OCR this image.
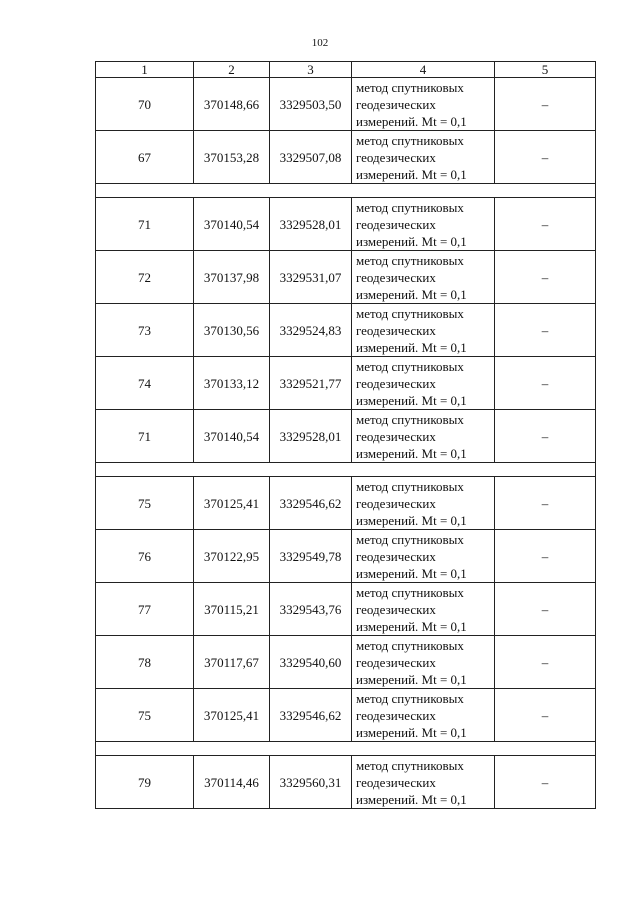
102
1	2	3	4	5
70	370148,66	3329503,50	метод спутниковых
геодезических
измерений. Mt = 0,1	–
67	370153,28	3329507,08	метод спутниковых
геодезических
измерений. Mt = 0,1	–

71	370140,54	3329528,01	метод спутниковых
геодезических
измерений. Mt = 0,1	–
72	370137,98	3329531,07	метод спутниковых
геодезических
измерений. Mt = 0,1	–
73	370130,56	3329524,83	метод спутниковых
геодезических
измерений. Mt = 0,1	–
74	370133,12	3329521,77	метод спутниковых
геодезических
измерений. Mt = 0,1	–
71	370140,54	3329528,01	метод спутниковых
геодезических
измерений. Mt = 0,1	–

75	370125,41	3329546,62	метод спутниковых
геодезических
измерений. Mt = 0,1	–
76	370122,95	3329549,78	метод спутниковых
геодезических
измерений. Mt = 0,1	–
77	370115,21	3329543,76	метод спутниковых
геодезических
измерений. Mt = 0,1	–
78	370117,67	3329540,60	метод спутниковых
геодезических
измерений. Mt = 0,1	–
75	370125,41	3329546,62	метод спутниковых
геодезических
измерений. Mt = 0,1	–

79	370114,46	3329560,31	метод спутниковых
геодезических
измерений. Mt = 0,1	–
